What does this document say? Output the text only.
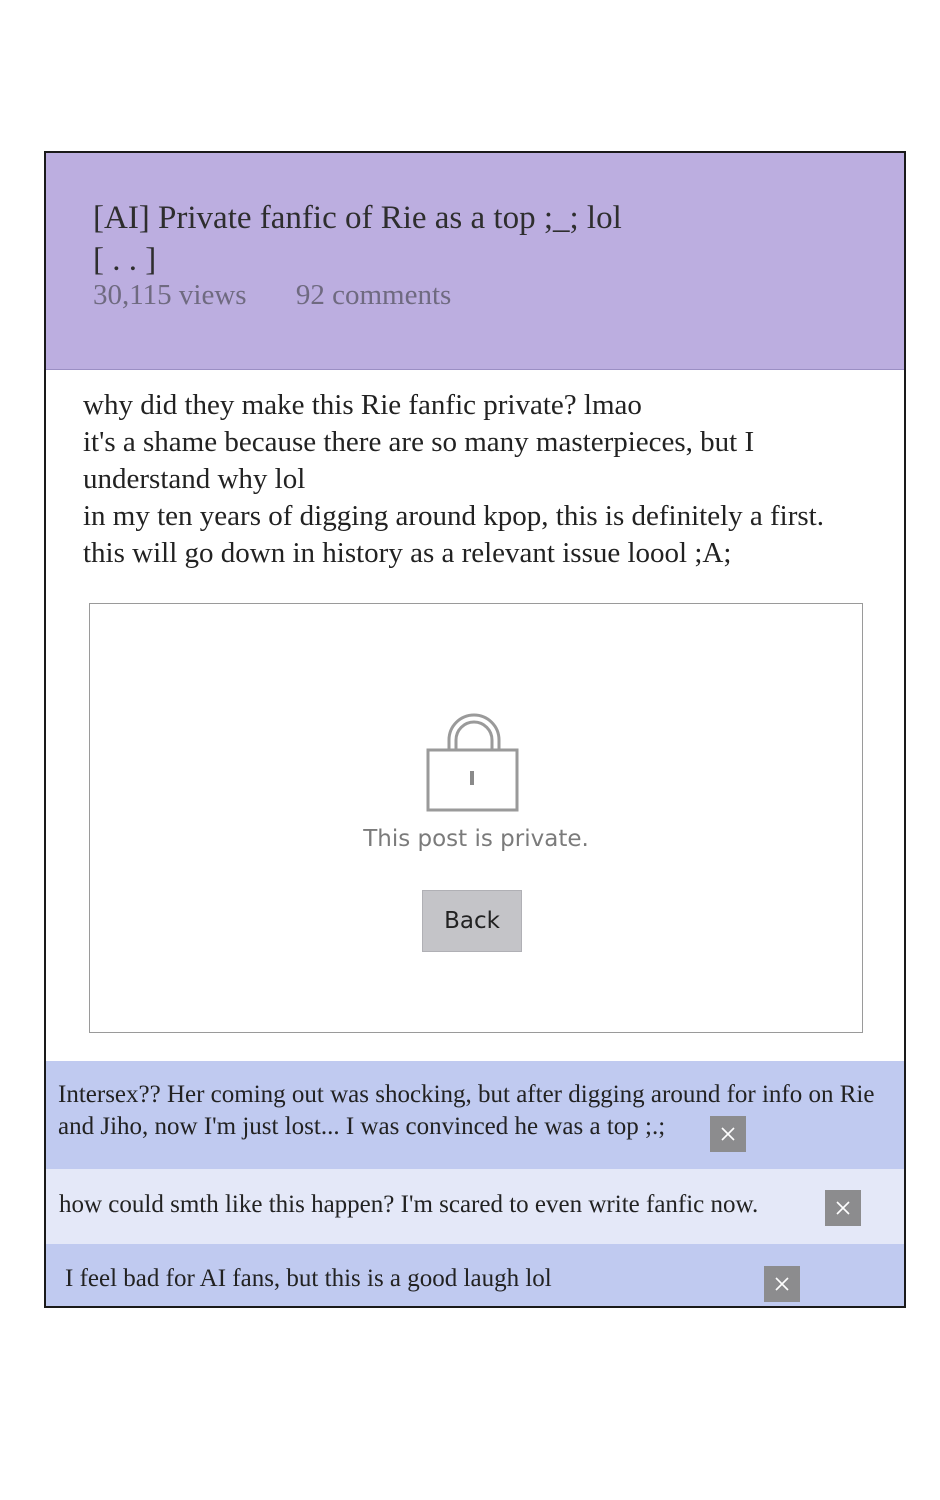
[AI] Private fanfic of Rie as a top ;_; lol
[ . . ]
30,115 views 92 comments

why did they make this Rie fanfic private? lmao

it's a shame because there are so many masterpieces, but I understand why lol

in my ten years of digging around kpop, this is definitely a first.

this will go down in history as a relevant issue loool ;A;

This post is private.
Back
Intersex?? Her coming out was shocking, but after digging around for info on Rie
and Jiho, now I'm just lost... I was convinced he was a top ;.;
how could smth like this happen? I'm scared to even write fanfic now.
I feel bad for AI fans, but this is a good laugh lol
